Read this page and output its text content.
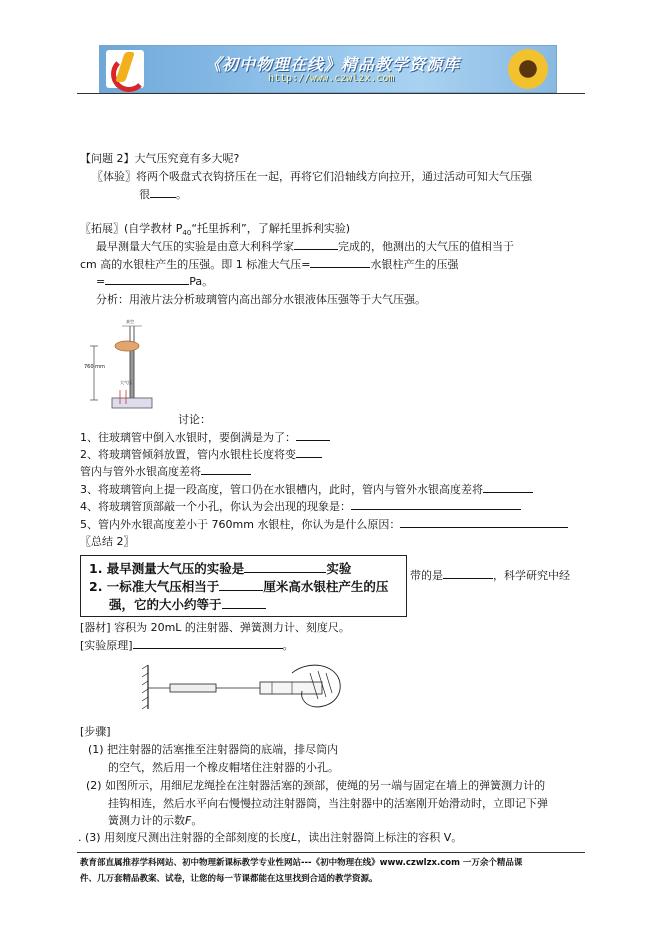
《初中物理在线》精品教学资源库
http://www.czwlzx.com
【问题 2】大气压究竟有多大呢?
〖体验〗将两个吸盘式衣钩挤压在一起，再将它们沿轴线方向拉开，通过活动可知大气压强
很 。
〖拓展〗(自学教材 $P_{40}“$托里拆利”，了解托里拆利实验)
最早测量大气压的实验是由意大利科学家	完成的，他测出的大气压的值相当于
cm 高的水银柱产生的压强。即 1 标准大气压=	水银柱产生的压强
=	Pa。
分析：用液片法分析玻璃管内高出部分水银液体压强等于大气压强。
760 mm
真空
大气压
讨论：
1、往玻璃管中倒入水银时，要倒满是为了：
2、将玻璃管倾斜放置，管内水银柱长度将变
管内与管外水银高度差将
3、将玻璃管向上提一段高度，管口仍在水银槽内，此时，管内与管外水银高度差将
4、将玻璃管顶部敲一个小孔，你认为会出现的现象是：
5、管内外水银高度差小于 760mm 水银柱，你认为是什么原因：
〖总结 2〗
1. 最早测量大气压的实验是	实验
2. 一标准大气压相当于	厘米高水银柱产生的压
强，它的大小约等于
带的是	，科学研究中经
[器材] 容积为 20mL 的注射器、弹簧测力计、刻度尺。
[实验原理]	。
[步骤]
(1) 把注射器的活塞推至注射器筒的底端，排尽筒内
的空气，然后用一个橡皮帽堵住注射器的小孔。
(2) 如图所示，用细尼龙绳拴在注射器活塞的颈部，使绳的另一端与固定在墙上的弹簧测力计的
挂钩相连，然后水平向右慢慢拉动注射器筒，当注射器中的活塞刚开始滑动时，立即记下弹
簧测力计的示数F。
. (3) 用刻度尺测出注射器的全部刻度的长度L，读出注射器筒上标注的容积 V。
教育部直属推荐学科网站、初中物理新课标教学专业性网站---《初中物理在线》www.czwlzx.com 一万余个精品课
件、几万套精品教案、试卷，让您的每一节课都能在这里找到合适的教学资源。
